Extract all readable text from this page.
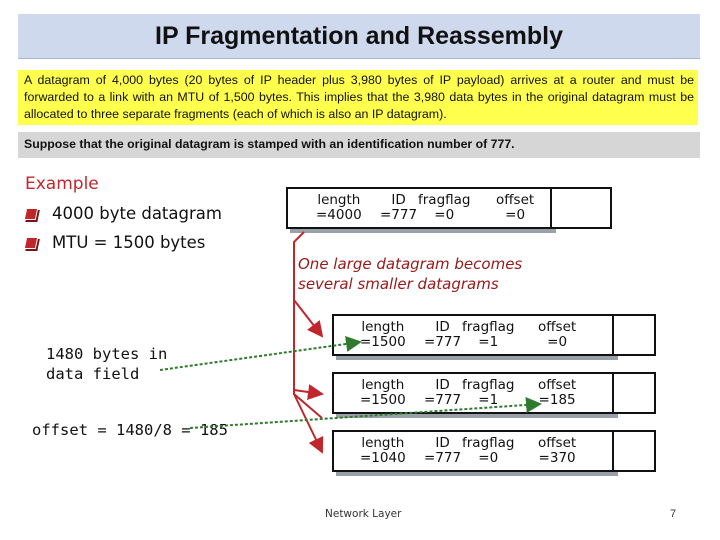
IP Fragmentation and Reassembly
A datagram of 4,000 bytes (20 bytes of IP header plus 3,980 bytes of IP payload) arrives at a router and must be forwarded to a link with an MTU of 1,500 bytes. This implies that the 3,980 data bytes in the original datagram must be allocated to three separate fragments (each of which is also an IP datagram).
Suppose that the original datagram is stamped with an identification number of 777.
Example
4000 byte datagram
MTU = 1500 bytes
1480 bytes in
data field
offset = 1480/8 = 185
One large datagram becomes
several smaller datagrams
length
=4000
ID
=777
fragflag
=0
offset
=0
length
=1500
ID
=777
fragflag
=1
offset
=0
length
=1500
ID
=777
fragflag
=1
offset
=185
length
=1040
ID
=777
fragflag
=0
offset
=370
Network Layer	7
